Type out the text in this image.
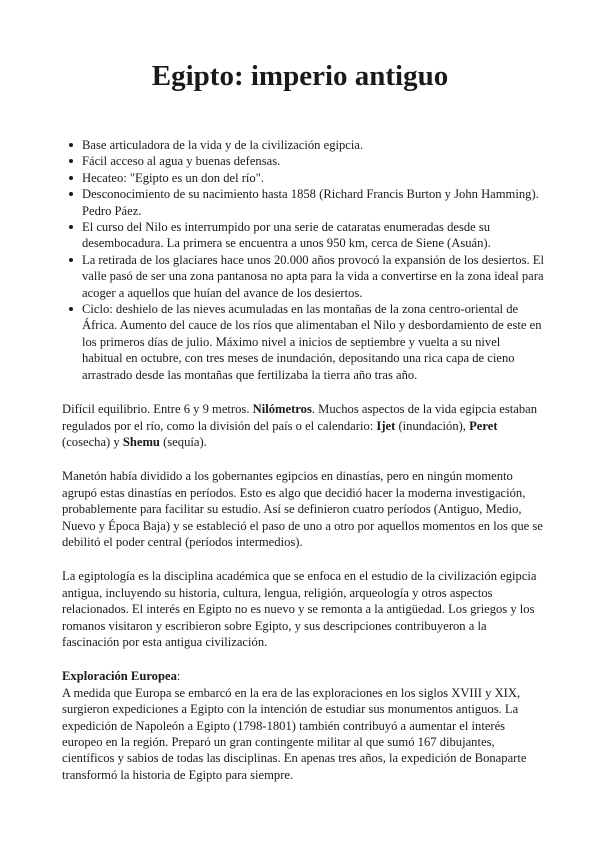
Egipto: imperio antiguo
Base articuladora de la vida y de la civilización egipcia.
Fácil acceso al agua y buenas defensas.
Hecateo: "Egipto es un don del río".
Desconocimiento de su nacimiento hasta 1858 (Richard Francis Burton y John Hamming). Pedro Páez.
El curso del Nilo es interrumpido por una serie de cataratas enumeradas desde su desembocadura. La primera se encuentra a unos 950 km, cerca de Siene (Asuán).
La retirada de los glaciares hace unos 20.000 años provocó la expansión de los desiertos. El valle pasó de ser una zona pantanosa no apta para la vida a convertirse en la zona ideal para acoger a aquellos que huían del avance de los desiertos.
Ciclo: deshielo de las nieves acumuladas en las montañas de la zona centro-oriental de África. Aumento del cauce de los ríos que alimentaban el Nilo y desbordamiento de este en los primeros días de julio. Máximo nivel a inicios de septiembre y vuelta a su nivel habitual en octubre, con tres meses de inundación, depositando una rica capa de cieno arrastrado desde las montañas que fertilizaba la tierra año tras año.

Difícil equilibrio. Entre 6 y 9 metros. Nilómetros. Muchos aspectos de la vida egipcia estaban regulados por el río, como la división del país o el calendario: Ijet (inundación), Peret (cosecha) y Shemu (sequía).

Manetón había dividido a los gobernantes egipcios en dinastías, pero en ningún momento agrupó estas dinastías en períodos. Esto es algo que decidió hacer la moderna investigación, probablemente para facilitar su estudio. Así se definieron cuatro períodos (Antiguo, Medio, Nuevo y Época Baja) y se estableció el paso de uno a otro por aquellos momentos en los que se debilitó el poder central (períodos intermedios).

La egiptología es la disciplina académica que se enfoca en el estudio de la civilización egipcia antigua, incluyendo su historia, cultura, lengua, religión, arqueología y otros aspectos relacionados. El interés en Egipto no es nuevo y se remonta a la antigüedad. Los griegos y los romanos visitaron y escribieron sobre Egipto, y sus descripciones contribuyeron a la fascinación por esta antigua civilización.

Exploración Europea:

A medida que Europa se embarcó en la era de las exploraciones en los siglos XVIII y XIX, surgieron expediciones a Egipto con la intención de estudiar sus monumentos antiguos. La expedición de Napoleón a Egipto (1798-1801) también contribuyó a aumentar el interés europeo en la región. Preparó un gran contingente militar al que sumó 167 dibujantes, científicos y sabios de todas las disciplinas. En apenas tres años, la expedición de Bonaparte transformó la historia de Egipto para siempre.
